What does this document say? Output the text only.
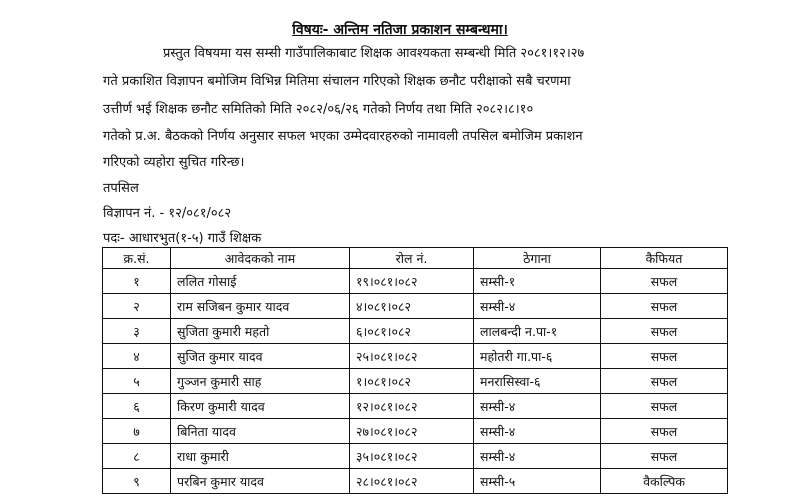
विषयः- अन्तिम नतिजा प्रकाशन सम्बन्धमा।
प्रस्तुत विषयमा यस सम्सी गाउँपालिकाबाट शिक्षक आवश्यकता सम्बन्धी मिति २०८१।१२।२७
गते प्रकाशित विज्ञापन बमोजिम विभिन्न मितिमा संचालन गरिएको शिक्षक छनौट परीक्षाको सबै चरणमा
उत्तीर्ण भई शिक्षक छनौट समितिको मिति २०८२/०६/२६ गतेको निर्णय तथा मिति २०८२।८।१०
गतेको प्र.अ. बैठकको निर्णय अनुसार सफल भएका उम्मेदवारहरुको नामावली तपसिल बमोजिम प्रकाशन
गरिएको व्यहोरा सुचित गरिन्छ।
तपसिल
विज्ञापन नं. - १२/०८१/०८२
पदः- आधारभुत(१-५) गाउँ शिक्षक
क्र.सं.	आवेदकको नाम	रोल नं.	ठेगाना	कैफियत
१	ललित गोसाई	१९।०८१।०८२	सम्सी-१	सफल
२	राम सजिबन कुमार यादव	४।०८१।०८२	सम्सी-४	सफल
३	सुजिता कुमारी महतो	६।०८१।०८२	लालबन्दी न.पा-१	सफल
४	सुजित कुमार यादव	२५।०८१।०८२	महोतरी गा.पा-६	सफल
५	गुञ्जन कुमारी साह	१।०८१।०८२	मनरासिस्वा-६	सफल
६	किरण कुमारी यादव	१२।०८१।०८२	सम्सी-४	सफल
७	बिनिता यादव	२७।०८१।०८२	सम्सी-४	सफल
८	राधा कुमारी	३५।०८१।०८२	सम्सी-४	सफल
९	परबिन कुमार यादव	२८।०८१।०८२	सम्सी-५	वैकल्पिक
